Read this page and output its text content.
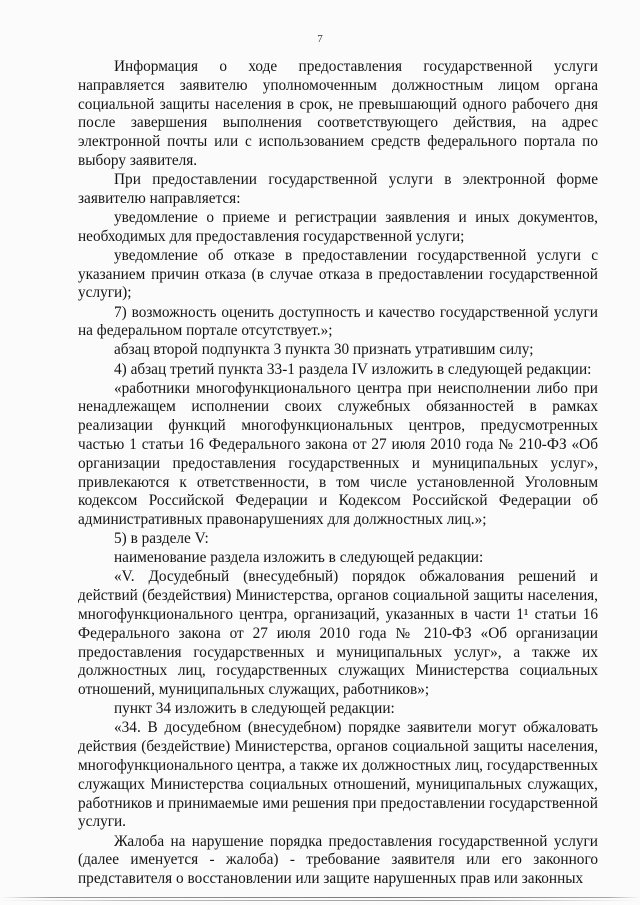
7

Информация о ходе предоставления государственной услуги направляется заявителю уполномоченным должностным лицом органа социальной защиты населения в срок, не превышающий одного рабочего дня после завершения выполнения соответствующего действия, на адрес электронной почты или с использованием средств федерального портала по выбору заявителя.

При предоставлении государственной услуги в электронной форме заявителю направляется:

уведомление о приеме и регистрации заявления и иных документов, необходимых для предоставления государственной услуги;

уведомление об отказе в предоставлении государственной услуги с указанием причин отказа (в случае отказа в предоставлении государственной услуги);

7) возможность оценить доступность и качество государственной услуги на федеральном портале отсутствует.»;

абзац второй подпункта 3 пункта 30 признать утратившим силу;

4) абзац третий пункта 33-1 раздела IV изложить в следующей редакции:

«работники многофункционального центра при неисполнении либо при ненадлежащем исполнении своих служебных обязанностей в рамках реализации функций многофункциональных центров, предусмотренных частью 1 статьи 16 Федерального закона от 27 июля 2010 года № 210-ФЗ «Об организации предоставления государственных и муниципальных услуг», привлекаются к ответственности, в том числе установленной Уголовным кодексом Российской Федерации и Кодексом Российской Федерации об административных правонарушениях для должностных лиц.»;

5) в разделе V:

наименование раздела изложить в следующей редакции:

«V. Досудебный (внесудебный) порядок обжалования решений и действий (бездействия) Министерства, органов социальной защиты населения, многофункционального центра, организаций, указанных в части 1¹ статьи 16 Федерального закона от 27 июля 2010 года № 210-ФЗ «Об организации предоставления государственных и муниципальных услуг», а также их должностных лиц, государственных служащих Министерства социальных отношений, муниципальных служащих, работников»;

пункт 34 изложить в следующей редакции:

«34. В досудебном (внесудебном) порядке заявители могут обжаловать действия (бездействие) Министерства, органов социальной защиты населения, многофункционального центра, а также их должностных лиц, государственных служащих Министерства социальных отношений, муниципальных служащих, работников и принимаемые ими решения при предоставлении государственной услуги.

Жалоба на нарушение порядка предоставления государственной услуги (далее именуется - жалоба) - требование заявителя или его законного представителя о восстановлении или защите нарушенных прав или законных
